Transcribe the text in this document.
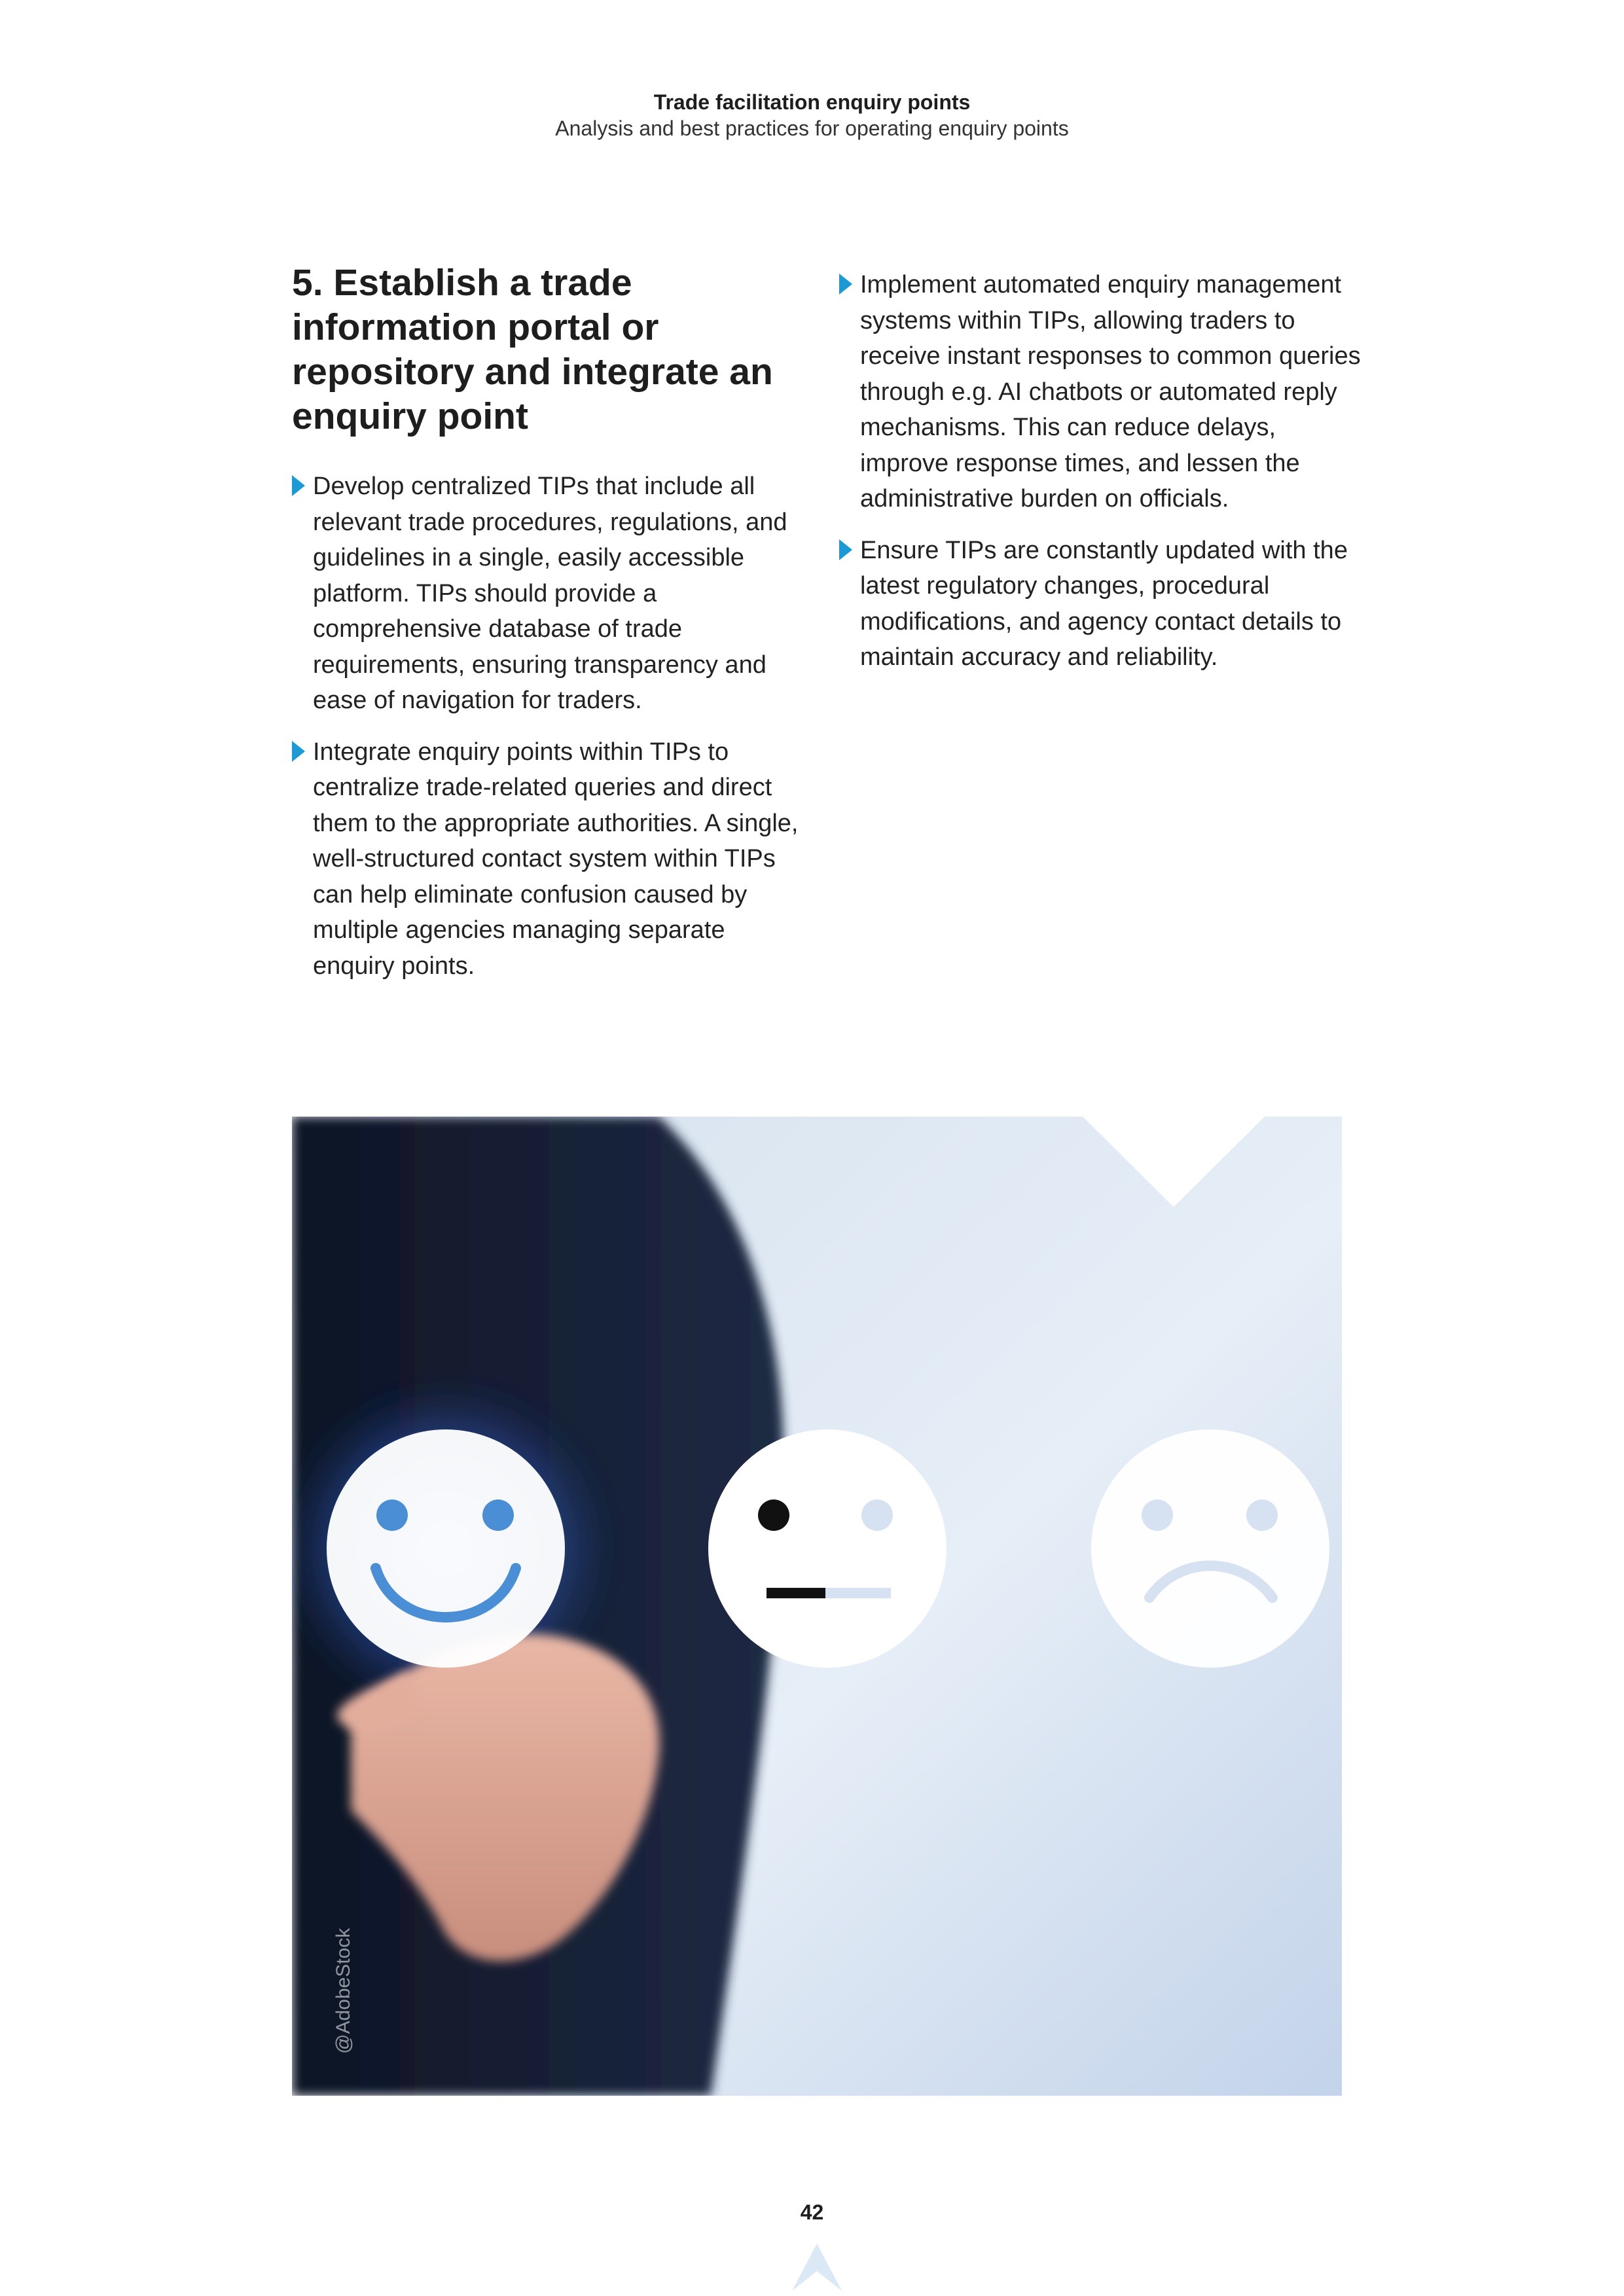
Trade facilitation enquiry points
Analysis and best practices for operating enquiry points
5. Establish a trade information portal or repository and integrate an enquiry point
Develop centralized TIPs that include all relevant trade procedures, regulations, and guidelines in a single, easily accessible platform. TIPs should provide a comprehensive database of trade requirements, ensuring transparency and ease of navigation for traders.
Integrate enquiry points within TIPs to centralize trade-related queries and direct them to the appropriate authorities. A single, well-structured contact system within TIPs can help eliminate confusion caused by multiple agencies managing separate enquiry points.
Implement automated enquiry management systems within TIPs, allowing traders to receive instant responses to common queries through e.g. AI chatbots or automated reply mechanisms. This can reduce delays, improve response times, and lessen the administrative burden on officials.
Ensure TIPs are constantly updated with the latest regulatory changes, procedural modifications, and agency contact details to maintain accuracy and reliability.
@AdobeStock
42
